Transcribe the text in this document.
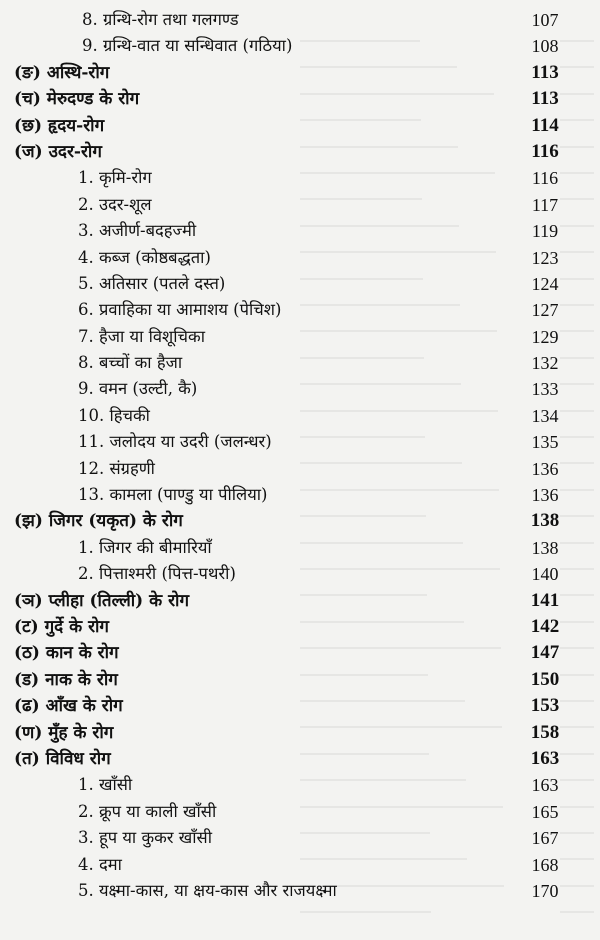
8. ग्रन्थि-रोग तथा गलगण्ड	107
9. ग्रन्थि-वात या सन्धिवात (गठिया)	108
(ङ) अस्थि-रोग	113
(च) मेरुदण्ड के रोग	113
(छ) हृदय-रोग	114
(ज) उदर-रोग	116
1. कृमि-रोग	116
2. उदर-शूल	117
3. अजीर्ण-बदहज्मी	119
4. कब्ज (कोष्ठबद्धता)	123
5. अतिसार (पतले दस्त)	124
6. प्रवाहिका या आमाशय (पेचिश)	127
7. हैजा या विशूचिका	129
8. बच्चों का हैजा	132
9. वमन (उल्टी, कै)	133
10. हिचकी	134
11. जलोदय या उदरी (जलन्धर)	135
12. संग्रहणी	136
13. कामला (पाण्डु या पीलिया)	136
(झ) जिगर (यकृत) के रोग	138
1. जिगर की बीमारियाँ	138
2. पित्ताश्मरी (पित्त-पथरी)	140
(ञ) प्लीहा (तिल्ली) के रोग	141
(ट) गुर्दे के रोग	142
(ठ) कान के रोग	147
(ड) नाक के रोग	150
(ढ) आँख के रोग	153
(ण) मुँह के रोग	158
(त) विविध रोग	163
1. खाँसी	163
2. क्रूप या काली खाँसी	165
3. हूप या कुकर खाँसी	167
4. दमा	168
5. यक्ष्मा-कास, या क्षय-कास और राजयक्ष्मा	170
